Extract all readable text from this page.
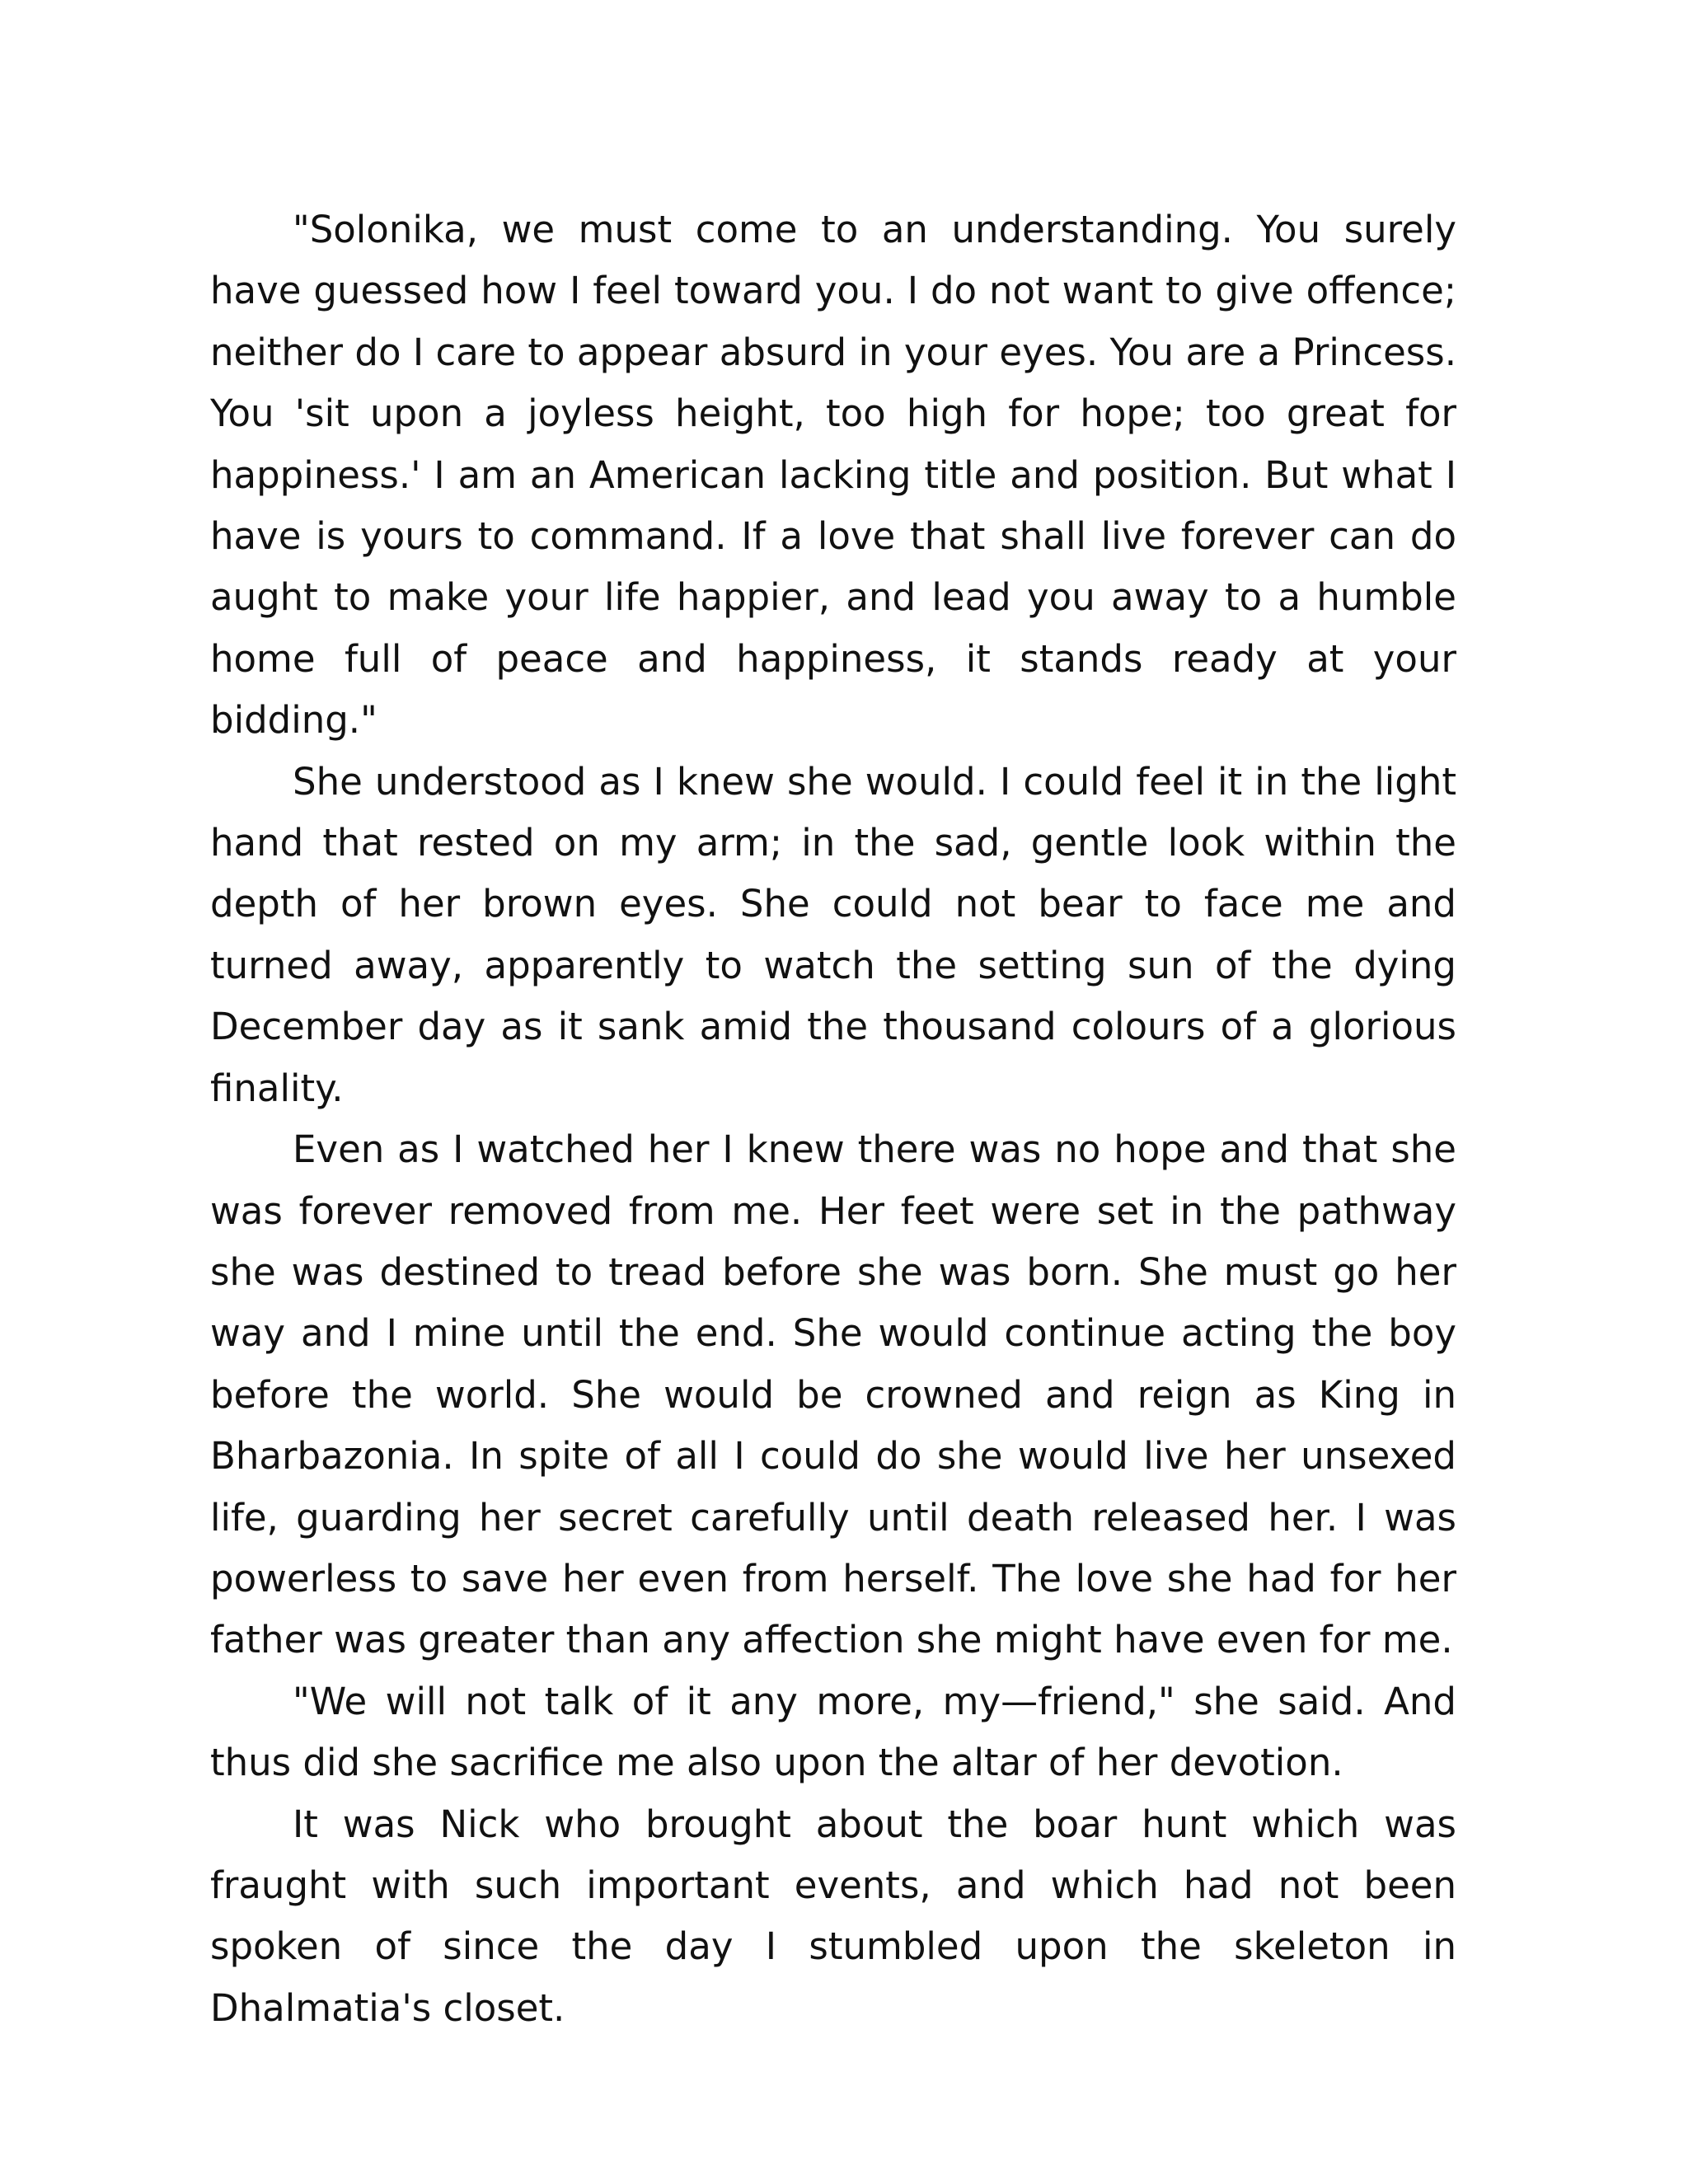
"Solonika, we must come to an understanding. You surely have guessed how I feel toward you. I do not want to give offence; neither do I care to appear absurd in your eyes. You are a Princess. You 'sit upon a joyless height, too high for hope; too great for happiness.' I am an American lacking title and position. But what I have is yours to command. If a love that shall live forever can do aught to make your life happier, and lead you away to a humble home full of peace and happiness, it stands ready at your bidding."

She understood as I knew she would. I could feel it in the light hand that rested on my arm; in the sad, gentle look within the depth of her brown eyes. She could not bear to face me and turned away, apparently to watch the setting sun of the dying December day as it sank amid the thousand colours of a glorious finality.

Even as I watched her I knew there was no hope and that she was forever removed from me. Her feet were set in the pathway she was destined to tread before she was born. She must go her way and I mine until the end. She would continue acting the boy before the world. She would be crowned and reign as King in Bharbazonia. In spite of all I could do she would live her unsexed life, guarding her secret carefully until death released her. I was powerless to save her even from herself. The love she had for her father was greater than any affection she might have even for me.

"We will not talk of it any more, my—friend," she said. And thus did she sacrifice me also upon the altar of her devotion.

It was Nick who brought about the boar hunt which was fraught with such important events, and which had not been spoken of since the day I stumbled upon the skeleton in Dhalmatia's closet.
